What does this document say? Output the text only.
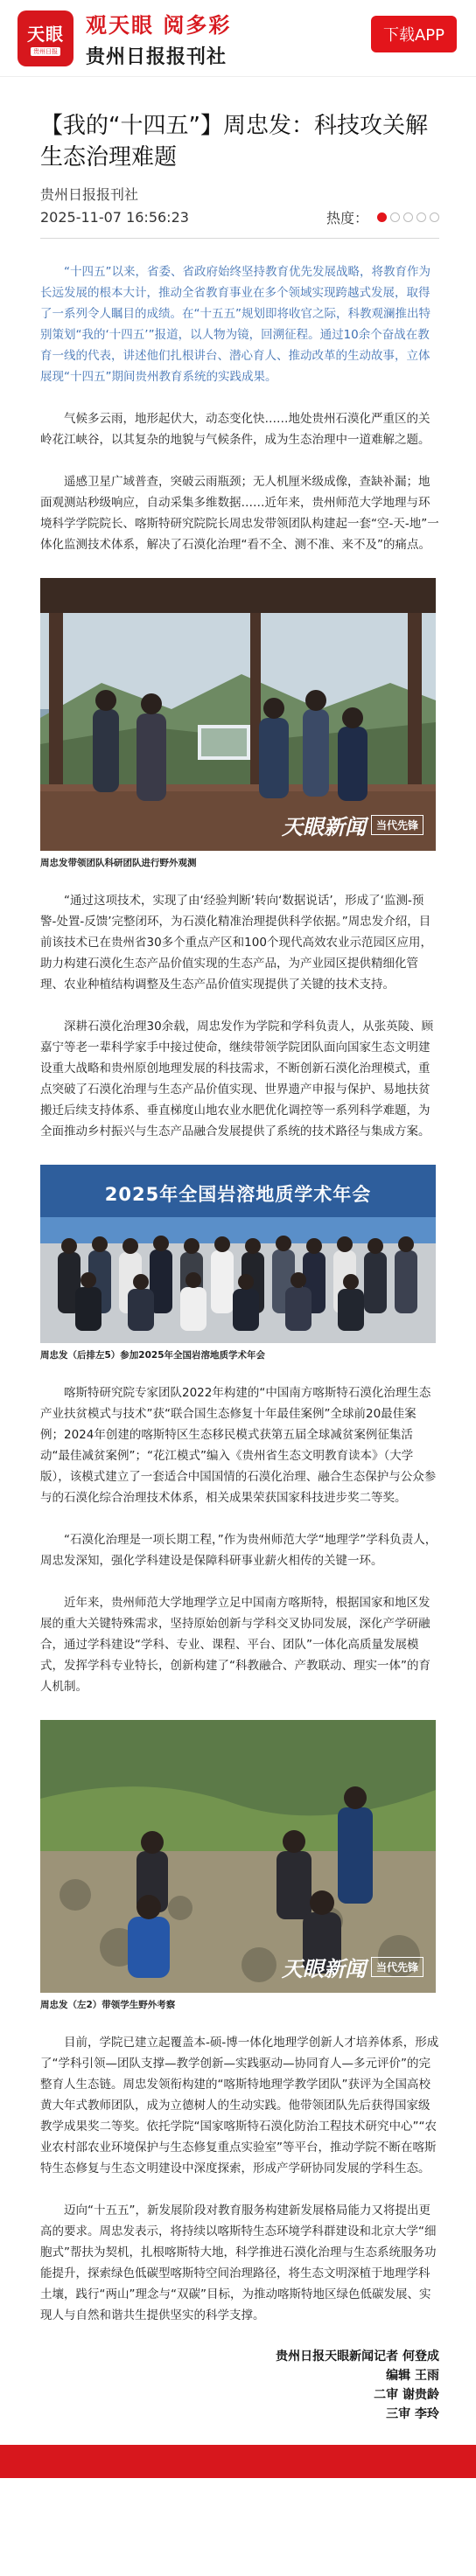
天眼
贵州日报
观天眼 阅多彩
贵州日报报刊社
下载APP
【我的“十四五”】周忠发：科技攻关解生态治理难题
贵州日报报刊社
2025-11-07 16:56:23	热度：

“十四五”以来，省委、省政府始终坚持教育优先发展战略，将教育作为长远发展的根本大计，推动全省教育事业在多个领域实现跨越式发展，取得了一系列令人瞩目的成绩。在“十五五”规划即将收官之际，科教观澜推出特别策划“我的‘十四五’”报道，以人物为镜，回溯征程。通过10余个奋战在教育一线的代表，讲述他们扎根讲台、潜心育人、推动改革的生动故事，立体展现“十四五”期间贵州教育系统的实践成果。

气候多云雨，地形起伏大，动态变化快……地处贵州石漠化严重区的关岭花江峡谷，以其复杂的地貌与气候条件，成为生态治理中一道难解之题。

遥感卫星广域普查，突破云雨瓶颈；无人机厘米级成像，查缺补漏；地面观测站秒级响应，自动采集多维数据……近年来，贵州师范大学地理与环境科学学院院长、喀斯特研究院院长周忠发带领团队构建起一套“空-天-地”一体化监测技术体系，解决了石漠化治理“看不全、测不准、来不及”的痛点。

天眼新闻	当代先锋
周忠发带领团队科研团队进行野外观测

“通过这项技术，实现了由‘经验判断’转向‘数据说话’，形成了‘监测-预警-处置-反馈’完整闭环，为石漠化精准治理提供科学依据。”周忠发介绍，目前该技术已在贵州省30多个重点产区和100个现代高效农业示范园区应用，助力构建石漠化生态产品价值实现的生态产品，为产业园区提供精细化管理、农业种植结构调整及生态产品价值实现提供了关键的技术支持。

深耕石漠化治理30余载，周忠发作为学院和学科负责人，从张英陵、顾嘉宁等老一辈科学家手中接过使命，继续带领学院团队面向国家生态文明建设重大战略和贵州原创地理发展的科技需求，不断创新石漠化治理模式，重点突破了石漠化治理与生态产品价值实现、世界遗产申报与保护、易地扶贫搬迁后续支持体系、垂直梯度山地农业水肥优化调控等一系列科学难题，为全面推动乡村振兴与生态产品融合发展提供了系统的技术路径与集成方案。

2025年全国岩溶地质学术年会
周忠发（后排左5）参加2025年全国岩溶地质学术年会

喀斯特研究院专家团队2022年构建的“中国南方喀斯特石漠化治理生态产业扶贫模式与技术”获“联合国生态修复十年最佳案例”全球前20最佳案例；2024年创建的喀斯特区生态移民模式获第五届全球减贫案例征集活动“最佳减贫案例”；“花江模式”编入《贵州省生态文明教育读本》（大学版），该模式建立了一套适合中国国情的石漠化治理、融合生态保护与公众参与的石漠化综合治理技术体系，相关成果荣获国家科技进步奖二等奖。

“石漠化治理是一项长期工程，”作为贵州师范大学“地理学”学科负责人，周忠发深知，强化学科建设是保障科研事业薪火相传的关键一环。

近年来，贵州师范大学地理学立足中国南方喀斯特，根据国家和地区发展的重大关键特殊需求，坚持原始创新与学科交叉协同发展，深化产学研融合，通过学科建设“学科、专业、课程、平台、团队”一体化高质量发展模式，发挥学科专业特长，创新构建了“科教融合、产教联动、理实一体”的育人机制。

天眼新闻	当代先锋
周忠发（左2）带领学生野外考察

目前，学院已建立起覆盖本-硕-博一体化地理学创新人才培养体系，形成了“学科引领—团队支撑—教学创新—实践驱动—协同育人—多元评价”的完整育人生态链。周忠发领衔构建的“喀斯特地理学教学团队”获评为全国高校黄大年式教师团队，成为立德树人的生动实践。他带领团队先后获得国家级教学成果奖二等奖。依托学院“国家喀斯特石漠化防治工程技术研究中心”“农业农村部农业环境保护与生态修复重点实验室”等平台，推动学院不断在喀斯特生态修复与生态文明建设中深度探索，形成产学研协同发展的学科生态。

迈向“十五五”，新发展阶段对教育服务构建新发展格局能力又将提出更高的要求。周忠发表示，将持续以喀斯特生态环境学科群建设和北京大学“细胞式”帮扶为契机，扎根喀斯特大地，科学推进石漠化治理与生态系统服务功能提升，探索绿色低碳型喀斯特空间治理路径，将生态文明深植于地理学科土壤，践行“两山”理念与“双碳”目标，为推动喀斯特地区绿色低碳发展、实现人与自然和谐共生提供坚实的科学支撑。

贵州日报天眼新闻记者 何登成
编辑 王雨
二审 谢贵龄
三审 李玲
